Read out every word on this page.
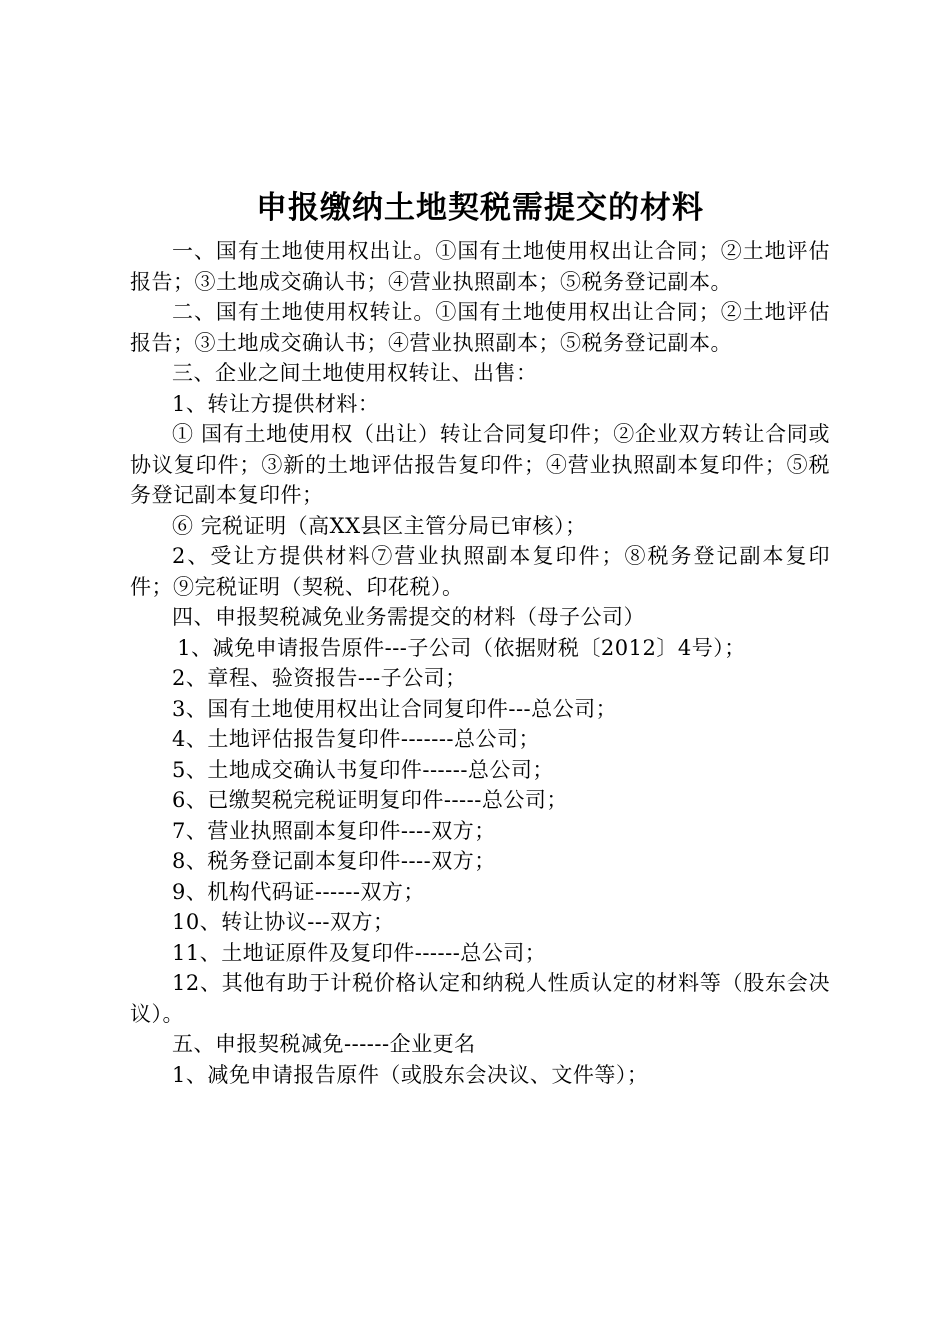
申报缴纳土地契税需提交的材料

一、国有土地使用权出让。①国有土地使用权出让合同；②土地评估报告；③土地成交确认书；④营业执照副本；⑤税务登记副本。

二、国有土地使用权转让。①国有土地使用权出让合同；②土地评估报告；③土地成交确认书；④营业执照副本；⑤税务登记副本。

三、企业之间土地使用权转让、出售：

1、转让方提供材料：

① 国有土地使用权（出让）转让合同复印件；②企业双方转让合同或协议复印件；③新的土地评估报告复印件；④营业执照副本复印件；⑤税务登记副本复印件；

⑥ 完税证明（高XX县区主管分局已审核）；

2、受让方提供材料⑦营业执照副本复印件；⑧税务登记副本复印件；⑨完税证明（契税、印花税）。

四、申报契税减免业务需提交的材料（母子公司）

1、减免申请报告原件---子公司（依据财税〔2012〕4号）；

2、章程、验资报告---子公司；

3、国有土地使用权出让合同复印件---总公司；

4、土地评估报告复印件-------总公司；

5、土地成交确认书复印件------总公司；

6、已缴契税完税证明复印件-----总公司；

7、营业执照副本复印件----双方；

8、税务登记副本复印件----双方；

9、机构代码证------双方；

10、转让协议---双方；

11、土地证原件及复印件------总公司；

12、其他有助于计税价格认定和纳税人性质认定的材料等（股东会决议）。

五、申报契税减免------企业更名

1、减免申请报告原件（或股东会决议、文件等）；
